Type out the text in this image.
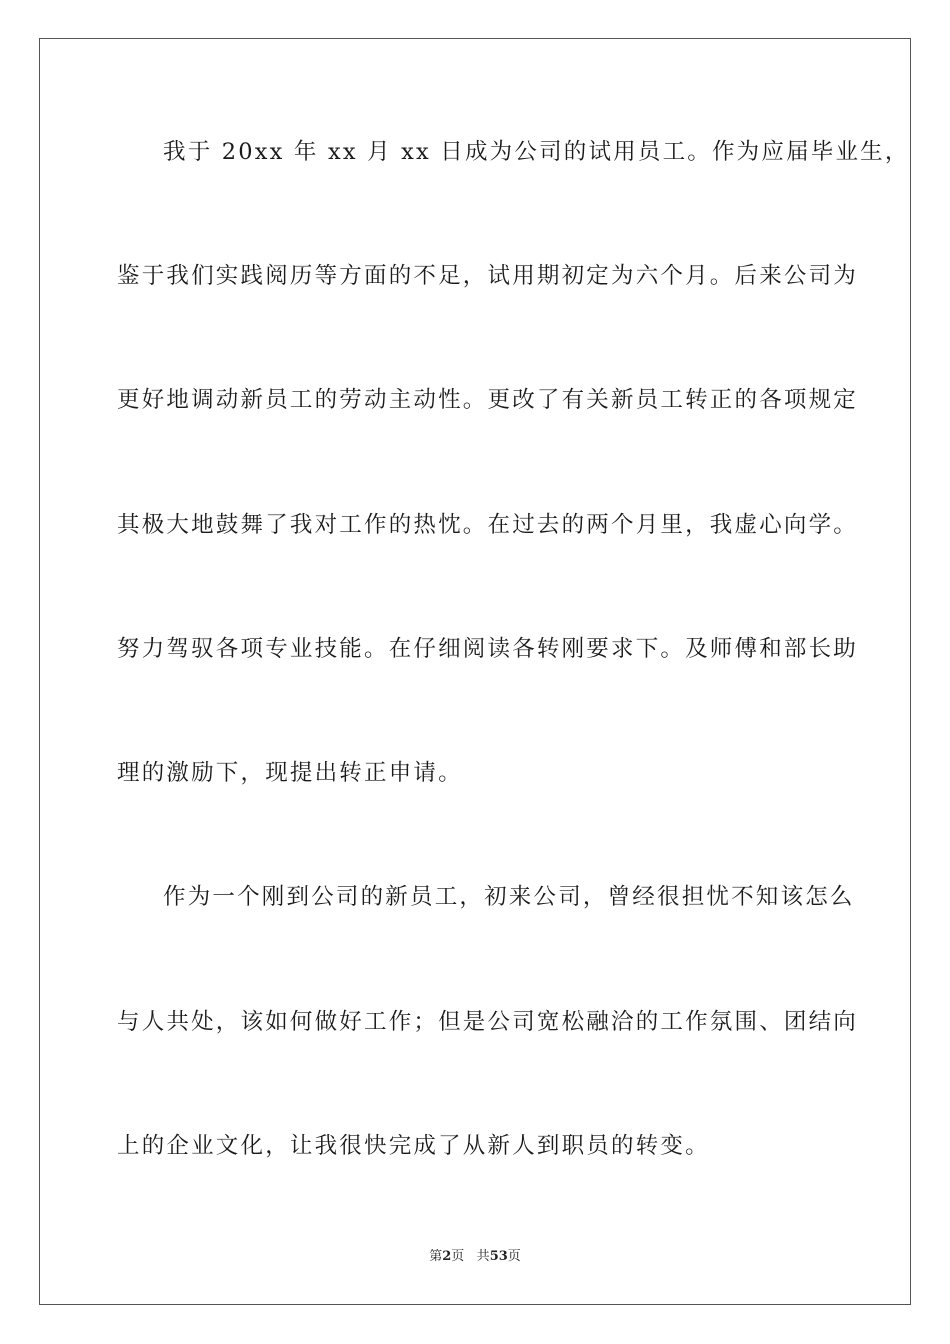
我于 20xx 年 xx 月 xx 日成为公司的试用员工。作为应届毕业生，
鉴于我们实践阅历等方面的不足，试用期初定为六个月。后来公司为
更好地调动新员工的劳动主动性。更改了有关新员工转正的各项规定
其极大地鼓舞了我对工作的热忱。在过去的两个月里，我虚心向学。
努力驾驭各项专业技能。在仔细阅读各转刚要求下。及师傅和部长助
理的激励下，现提出转正申请。
作为一个刚到公司的新员工，初来公司，曾经很担忧不知该怎么
与人共处，该如何做好工作；但是公司宽松融洽的工作氛围、团结向
上的企业文化，让我很快完成了从新人到职员的转变。
第2页 共53页
